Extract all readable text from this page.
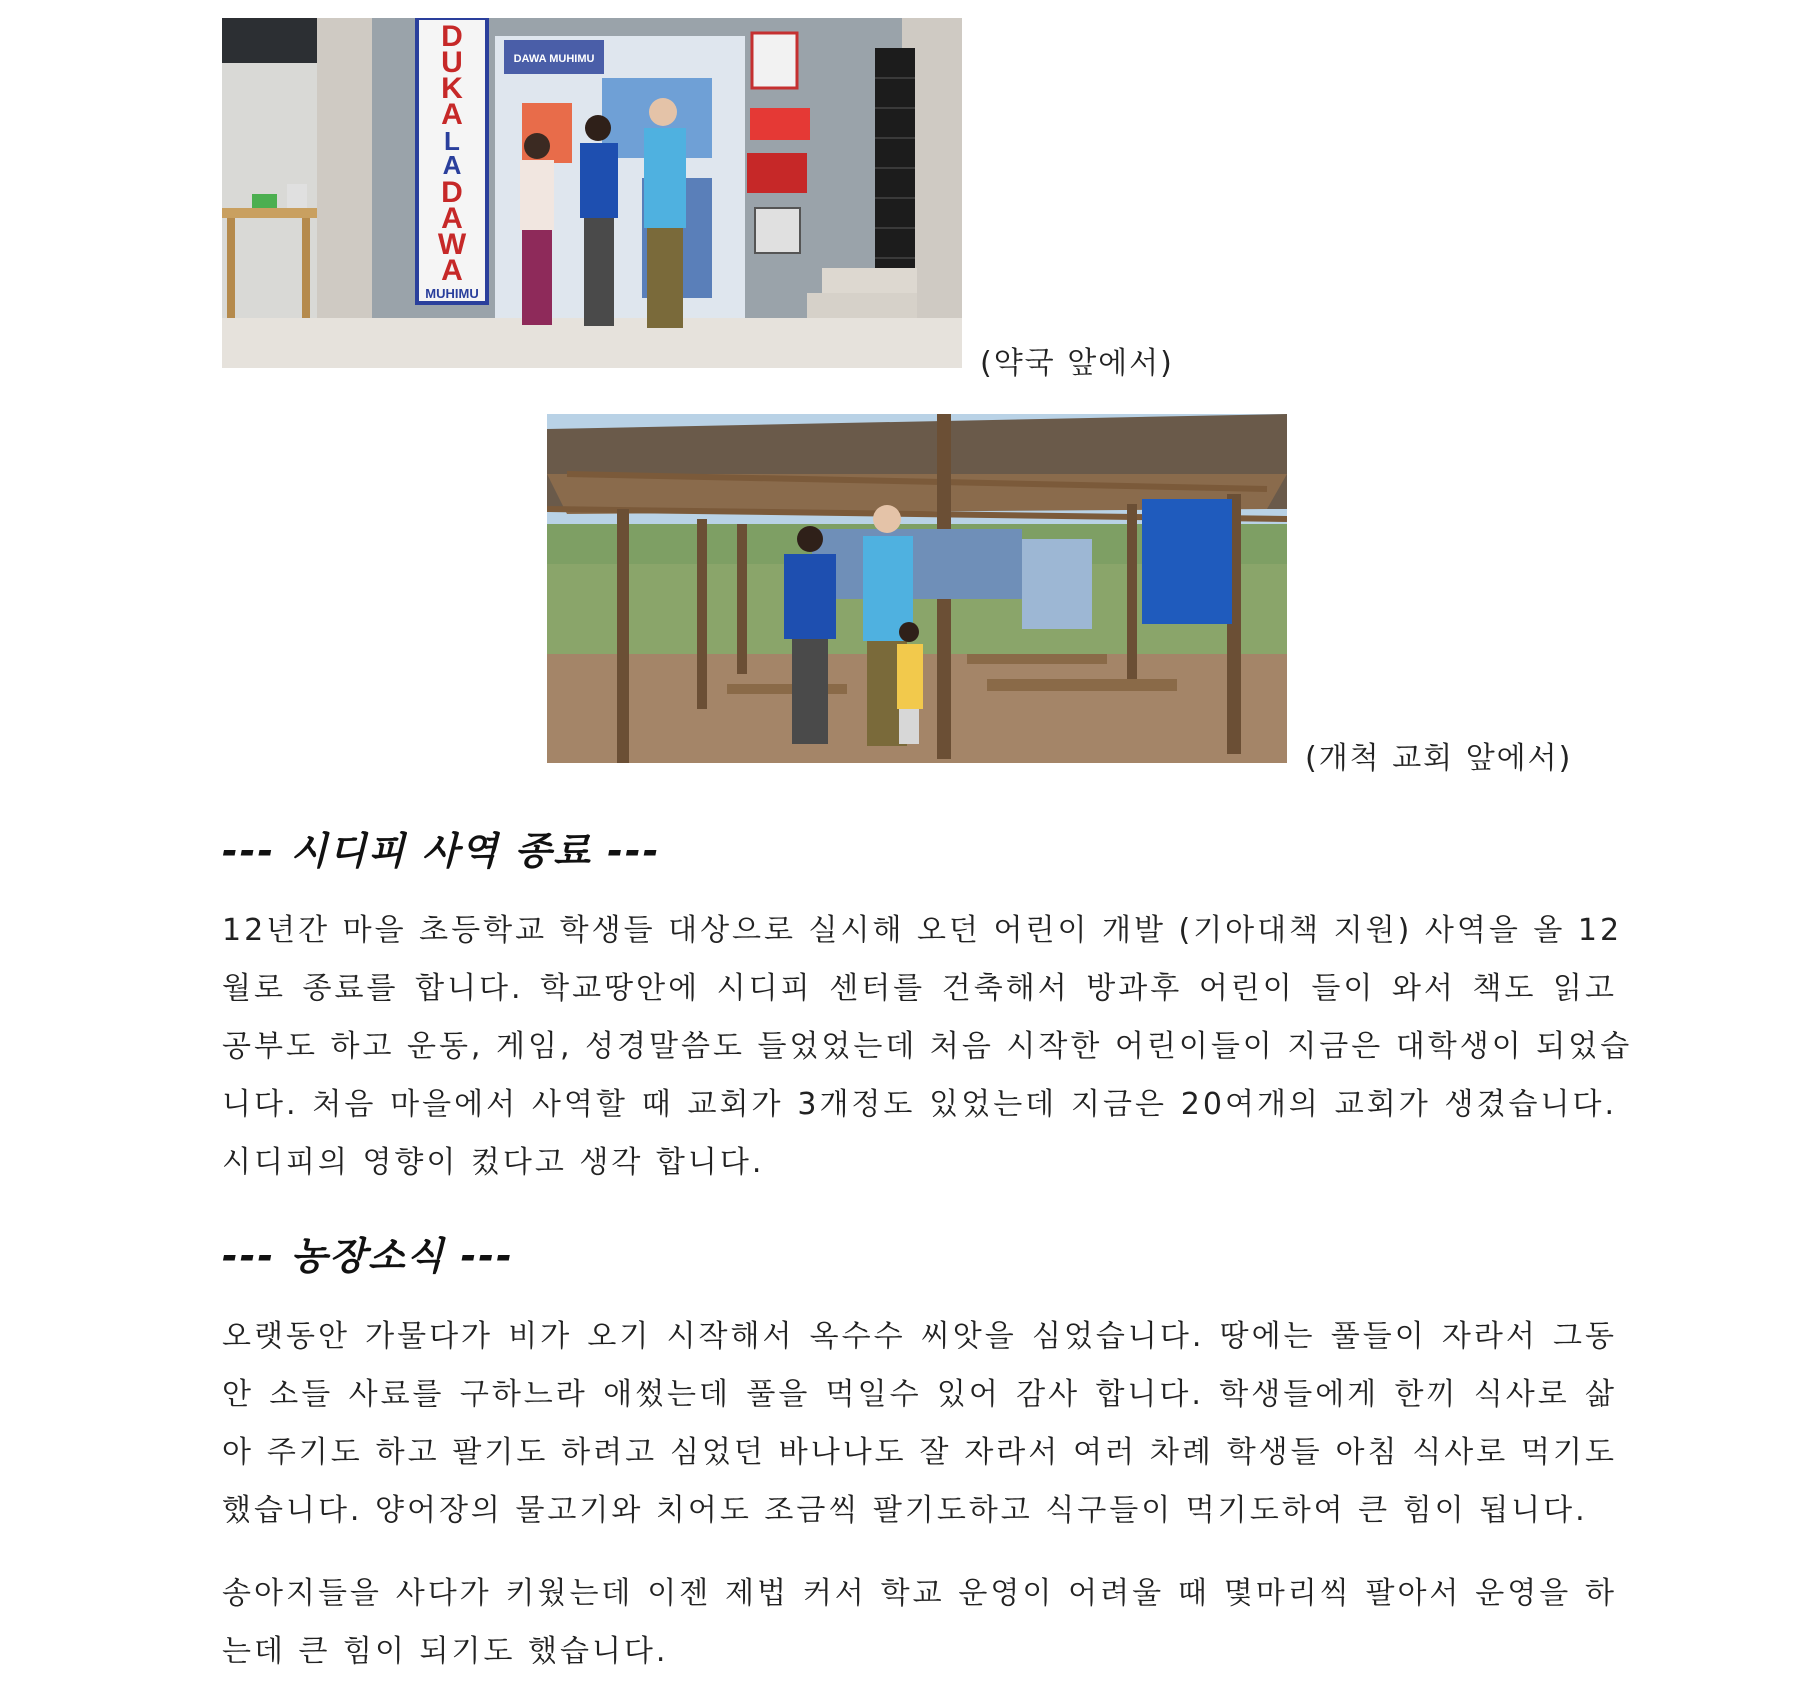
D
U
K
A
L
A
D
A
W
A
MUHIMU
DAWA MUHIMU
(약국 앞에서)
(개척 교회 앞에서)
--- 시디피 사역 종료 ---
12년간 마을 초등학교 학생들 대상으로 실시해 오던 어린이 개발 (기아대책 지원) 사역을 올 12
월로 종료를 합니다. 학교땅안에 시디피 센터를 건축해서 방과후 어린이 들이 와서 책도 읽고
공부도 하고 운동, 게임, 성경말씀도 들었었는데 처음 시작한 어린이들이 지금은 대학생이 되었습
니다. 처음 마을에서 사역할 때 교회가 3개정도 있었는데 지금은 20여개의 교회가 생겼습니다.
시디피의 영향이 컸다고 생각 합니다.
--- 농장소식 ---
오랫동안 가물다가 비가 오기 시작해서 옥수수 씨앗을 심었습니다. 땅에는 풀들이 자라서 그동
안 소들 사료를 구하느라 애썼는데 풀을 먹일수 있어 감사 합니다. 학생들에게 한끼 식사로 삶
아 주기도 하고 팔기도 하려고 심었던 바나나도 잘 자라서 여러 차례 학생들 아침 식사로 먹기도
했습니다. 양어장의 물고기와 치어도 조금씩 팔기도하고 식구들이 먹기도하여 큰 힘이 됩니다.
송아지들을 사다가 키웠는데 이젠 제법 커서 학교 운영이 어려울 때 몇마리씩 팔아서 운영을 하
는데 큰 힘이 되기도 했습니다.
